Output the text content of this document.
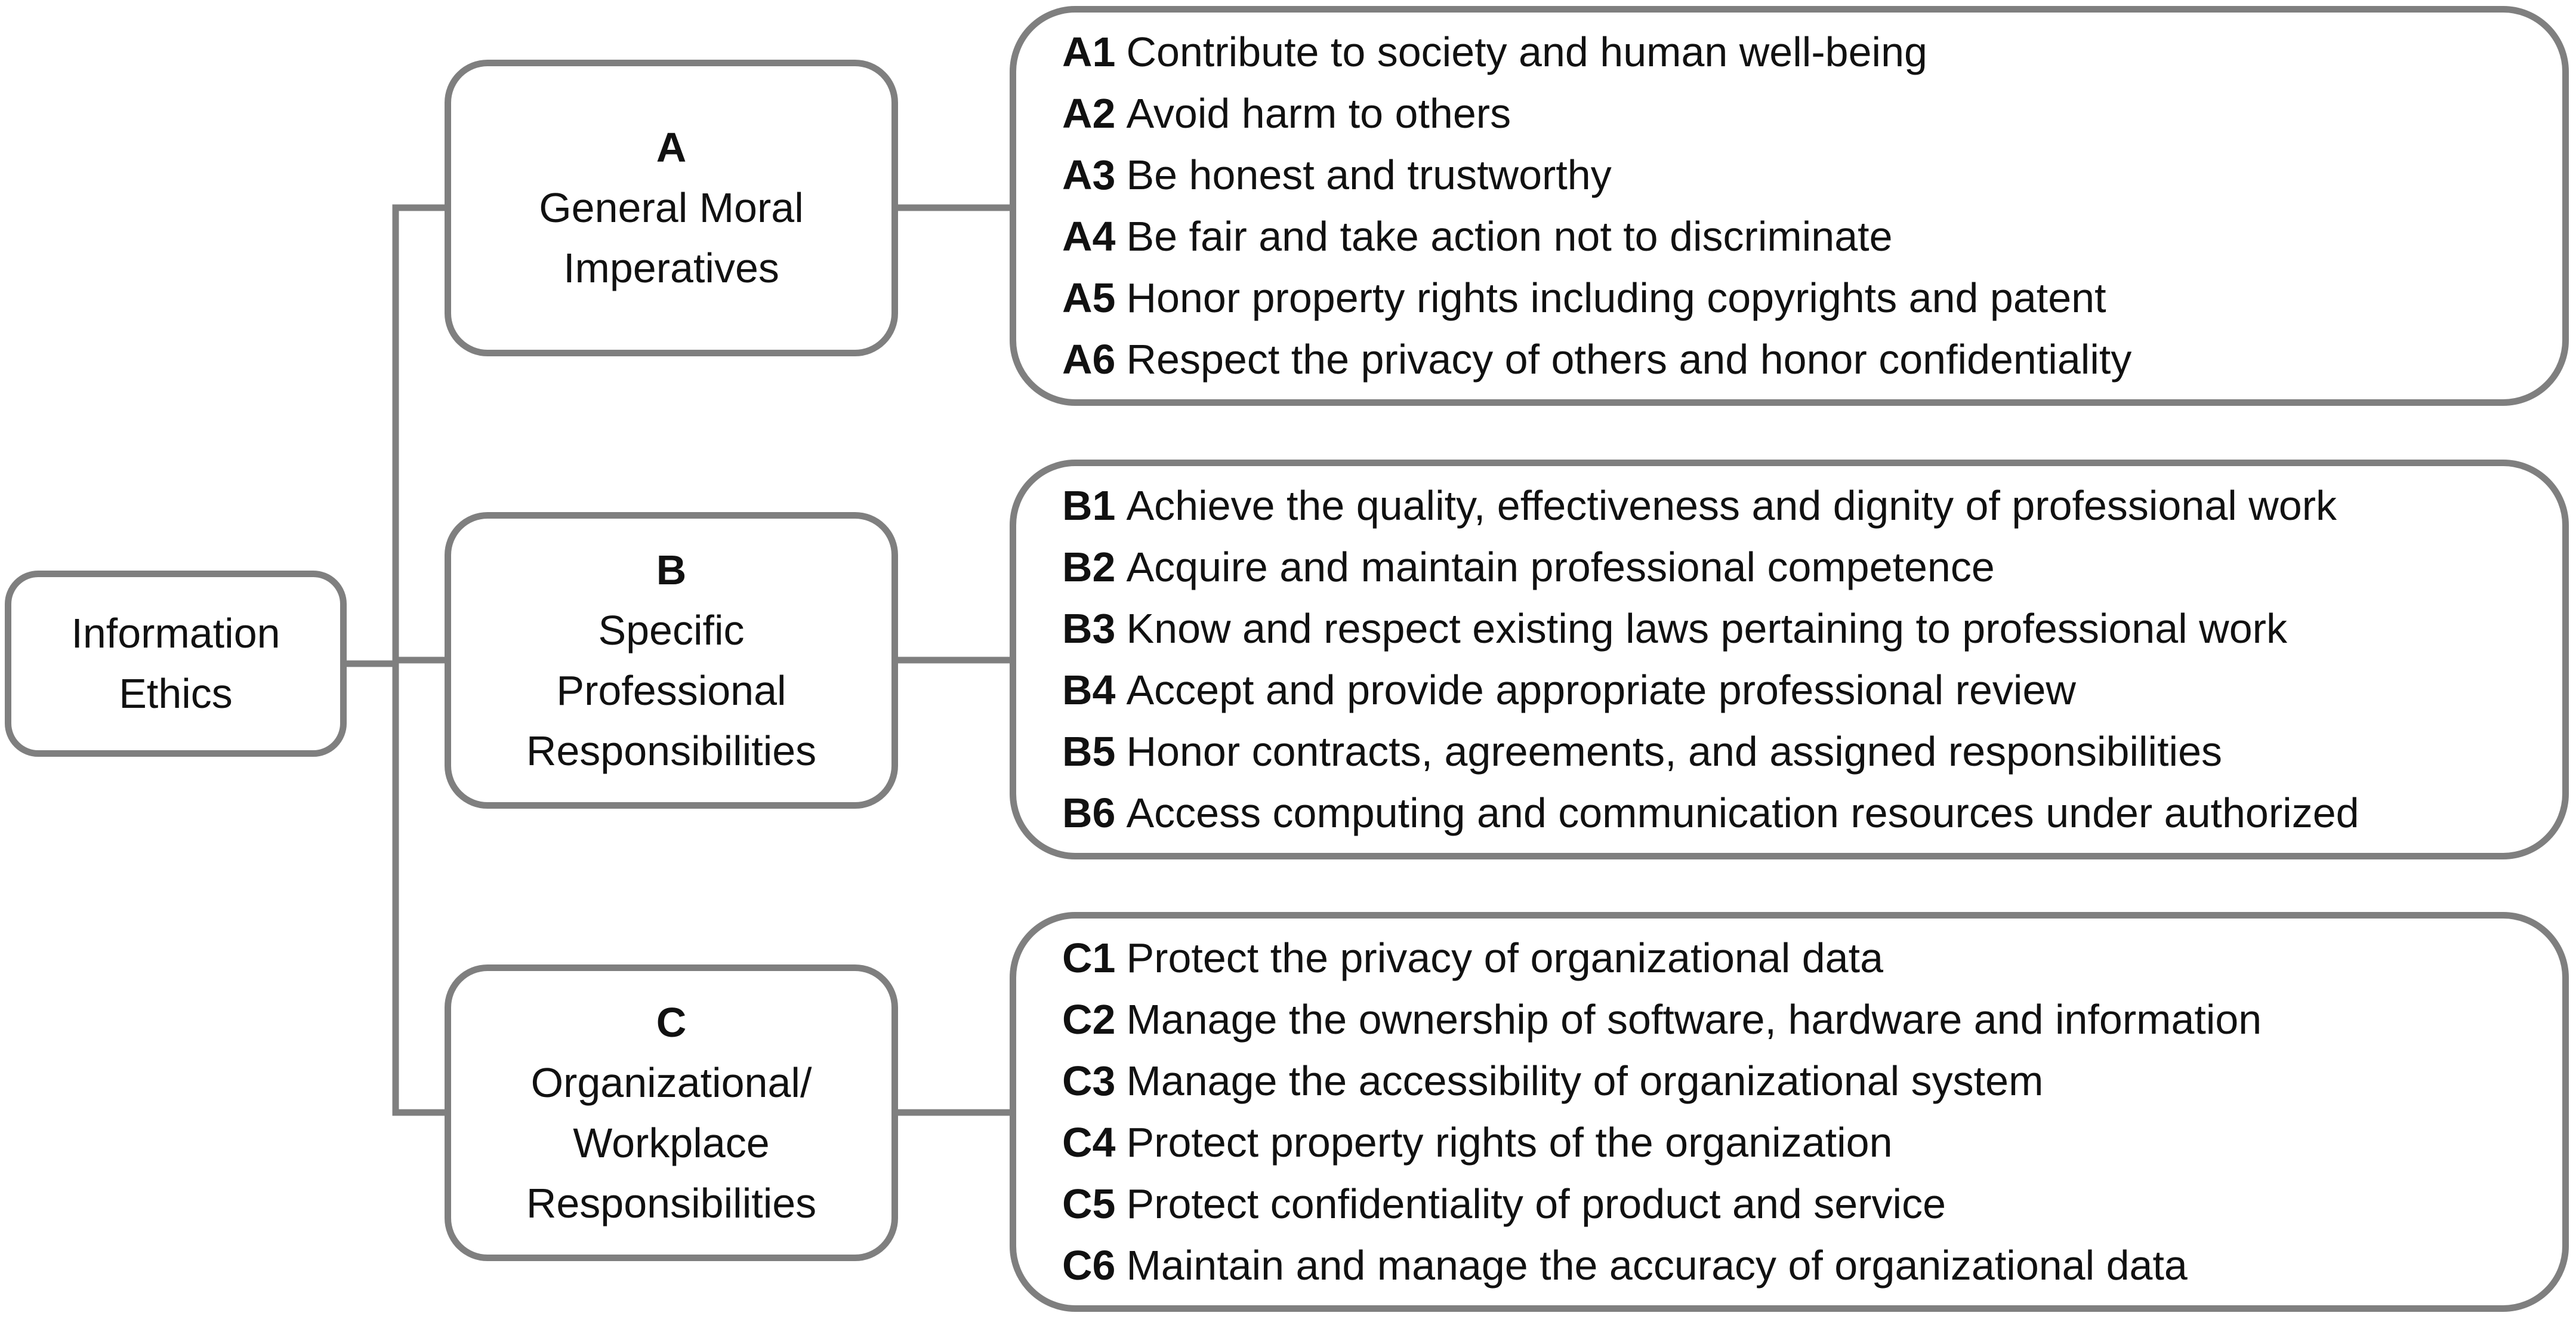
Information
Ethics
A
General Moral
Imperatives
B
Specific
Professional
Responsibilities
C
Organizational/
Workplace
Responsibilities
A1 Contribute to society and human well-being
A2 Avoid harm to others
A3 Be honest and trustworthy
A4 Be fair and take action not to discriminate
A5 Honor property rights including copyrights and patent
A6 Respect the privacy of others and honor confidentiality
B1 Achieve the quality, effectiveness and dignity of professional work
B2 Acquire and maintain professional competence
B3 Know and respect existing laws pertaining to professional work
B4 Accept and provide appropriate professional review
B5 Honor contracts, agreements, and assigned responsibilities
B6 Access computing and communication resources under authorized
C1 Protect the privacy of organizational data
C2 Manage the ownership of software, hardware and information
C3 Manage the accessibility of organizational system
C4 Protect property rights of the organization
C5 Protect confidentiality of product and service
C6 Maintain and manage the accuracy of organizational data
